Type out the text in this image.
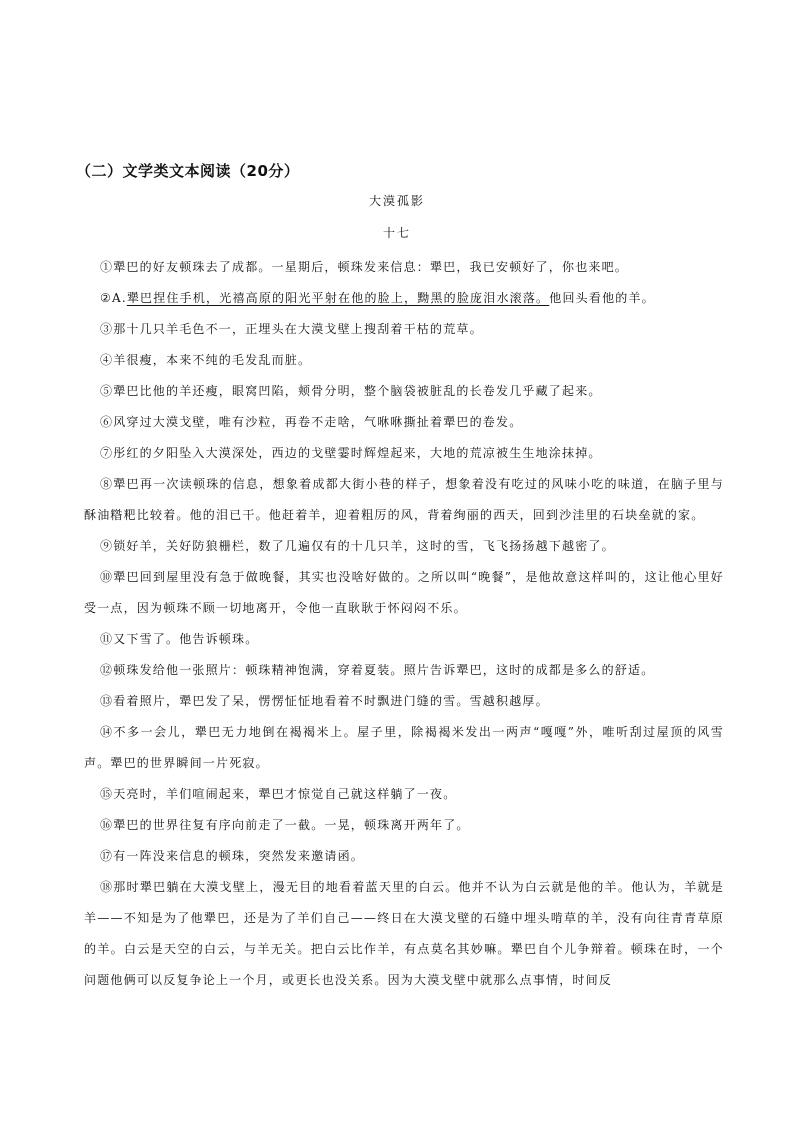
（二）文学类文本阅读（20分）
大漠孤影
十七

①犟巴的好友顿珠去了成都。一星期后，顿珠发来信息：犟巴，我已安顿好了，你也来吧。

②A.犟巴捏住手机，光禧高原的阳光平射在他的脸上，黝黑的脸庞泪水滚落。他回头看他的羊。

③那十几只羊毛色不一，正埋头在大漠戈壁上搜刮着干枯的荒草。

④羊很瘦，本来不纯的毛发乱而脏。

⑤犟巴比他的羊还瘦，眼窝凹陷，颊骨分明，整个脑袋被脏乱的长卷发几乎藏了起来。

⑥风穿过大漠戈壁，唯有沙粒，再卷不走啥，气咻咻撕扯着犟巴的卷发。

⑦彤红的夕阳坠入大漠深处，西边的戈壁霎时辉煌起来，大地的荒凉被生生地涂抹掉。

⑧犟巴再一次读顿珠的信息，想象着成都大街小巷的样子，想象着没有吃过的风味小吃的味道，在脑子里与酥油糌粑比较着。他的泪已干。他赶着羊，迎着粗厉的风，背着绚丽的西天，回到沙洼里的石块垒就的家。

⑨锁好羊，关好防狼栅栏，数了几遍仅有的十几只羊，这时的雪，飞飞扬扬越下越密了。

⑩犟巴回到屋里没有急于做晚餐，其实也没啥好做的。之所以叫“晚餐”，是他故意这样叫的，这让他心里好受一点，因为顿珠不顾一切地离开，令他一直耿耿于怀闷闷不乐。

⑪又下雪了。他告诉顿珠。

⑫顿珠发给他一张照片：顿珠精神饱满，穿着夏装。照片告诉犟巴，这时的成都是多么的舒适。

⑬看着照片，犟巴发了呆，愣愣怔怔地看着不时飘进门缝的雪。雪越积越厚。

⑭不多一会儿，犟巴无力地倒在褐褐米上。屋子里，除褐褐米发出一两声“嘎嘎”外，唯听刮过屋顶的风雪声。犟巴的世界瞬间一片死寂。

⑮天亮时，羊们喧闹起来，犟巴才惊觉自己就这样躺了一夜。

⑯犟巴的世界往复有序向前走了一截。一晃，顿珠离开两年了。

⑰有一阵没来信息的顿珠，突然发来邀请函。

⑱那时犟巴躺在大漠戈壁上，漫无目的地看着蓝天里的白云。他并不认为白云就是他的羊。他认为，羊就是羊——不知是为了他犟巴，还是为了羊们自己——终日在大漠戈壁的石缝中埋头啃草的羊，没有向往青青草原的羊。白云是天空的白云，与羊无关。把白云比作羊，有点莫名其妙嘛。犟巴自个儿争辩着。顿珠在时，一个问题他俩可以反复争论上一个月，或更长也没关系。因为大漠戈壁中就那么点事情，时间反
